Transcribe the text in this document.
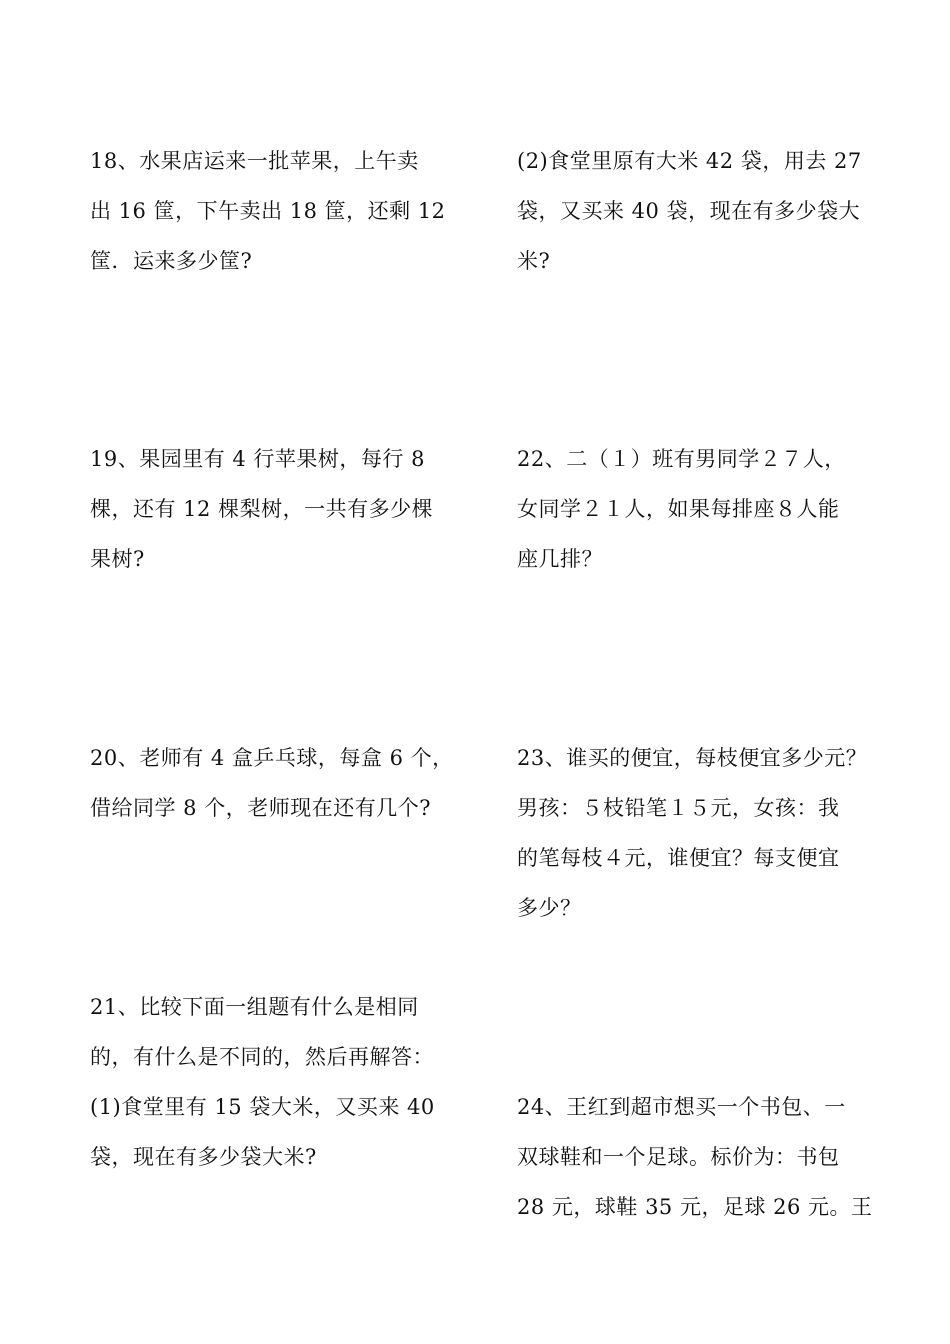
18、水果店运来一批苹果，上午卖
出 16 筐，下午卖出 18 筐，还剩 12
筐．运来多少筐?
(2)食堂里原有大米 42 袋，用去 27
袋，又买来 40 袋，现在有多少袋大
米?
19、果园里有 4 行苹果树，每行 8
棵，还有 12 棵梨树，一共有多少棵
果树?
22、二（１）班有男同学２７人，
女同学２１人，如果每排座８人能
座几排？
20、老师有 4 盒乒乓球，每盒 6 个，
借给同学 8 个，老师现在还有几个?
23、谁买的便宜，每枝便宜多少元？
男孩：５枝铅笔１５元，女孩：我
的笔每枝４元，谁便宜？每支便宜
多少？
21、比较下面一组题有什么是相同
的，有什么是不同的，然后再解答：
(1)食堂里有 15 袋大米，又买来 40
袋，现在有多少袋大米?
24、王红到超市想买一个书包、一
双球鞋和一个足球。标价为：书包
28 元，球鞋 35 元，足球 26 元。王
